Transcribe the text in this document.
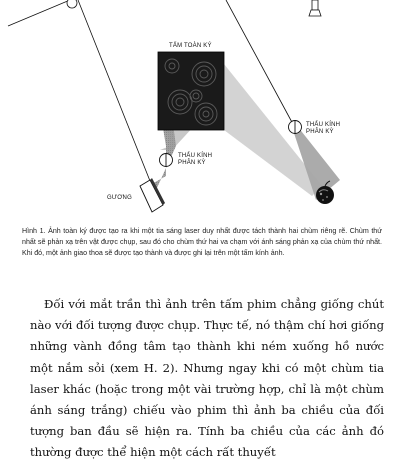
TẤM TOÀN KÝ
THẤU KÍNH
PHÂN KỲ
THẤU KÍNH
PHÂN KỲ
GƯƠNG

Hình 1. Ảnh toàn ký được tạo ra khi một tia sáng laser duy nhất được tách thành hai chùm riêng rẽ. Chùm thứ nhất sẽ phản xạ trên vật được chụp, sau đó cho chùm thứ hai va chạm với ánh sáng phản xạ của chùm thứ nhất. Khi đó, một ảnh giao thoa sẽ được tạo thành và được ghi lại trên một tấm kính ảnh.

Đối với mắt trần thì ảnh trên tấm phim chẳng giống chút nào với đối tượng được chụp. Thực tế, nó thậm chí hơi giống những vành đồng tâm tạo thành khi ném xuống hồ nước một nắm sỏi (xem H. 2). Nhưng ngay khi có một chùm tia laser khác (hoặc trong một vài trường hợp, chỉ là một chùm ánh sáng trắng) chiếu vào phim thì ảnh ba chiều của đối tượng ban đầu sẽ hiện ra. Tính ba chiều của các ảnh đó thường được thể hiện một cách rất thuyết
